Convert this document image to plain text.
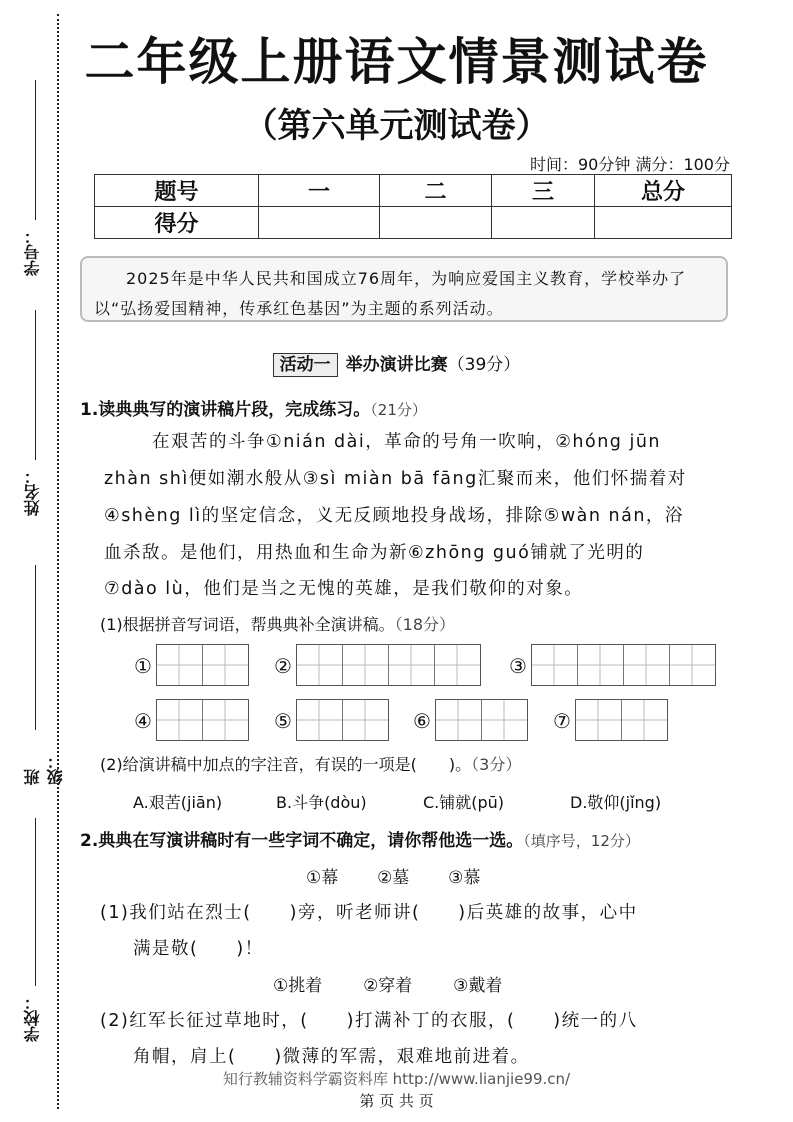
学号：
姓名：
班级：
学校：
二年级上册语文情景测试卷
（第六单元测试卷）
时间：90分钟 满分：100分
题号	一	二	三	总分
得分				
2025年是中华人民共和国成立76周年，为响应爱国主义教育，学校举办了以“弘扬爱国精神，传承红色基因”为主题的系列活动。
活动一 举办演讲比赛（39分）
1.读典典写的演讲稿片段，完成练习。（21分）
在艰苦的斗争①nián dài，革命的号角一吹响，②hóng jūn
zhàn shì便如潮水般从③sì miàn bā fāng汇聚而来，他们怀揣着对
④shèng lì的坚定信念，义无反顾地投身战场，排除⑤wàn nán，浴
血杀敌。是他们，用热血和生命为新⑥zhōng guó铺就了光明的
⑦dào lù，他们是当之无愧的英雄，是我们敬仰的对象。
(1)根据拼音写词语，帮典典补全演讲稿。（18分）
①	②	③
④	⑤	⑥	⑦
(2)给演讲稿中加点的字注音，有误的一项是(　　)。（3分）
A.艰苦(jiān)	B.斗争(dòu)	C.铺就(pū)	D.敬仰(jǐng)
2.典典在写演讲稿时有一些字词不确定，请你帮他选一选。（填序号，12分）
①幕 ②墓 ③慕
(1)我们站在烈士(　　)旁，听老师讲(　　)后英雄的故事，心中
满是敬(　　)！
①挑着 ②穿着 ③戴着
(2)红军长征过草地时，(　　)打满补丁的衣服，(　　)统一的八
角帽，肩上(　　)微薄的军需，艰难地前进着。
知行教辅资料学霸资料库 http://www.lianjie99.cn/
第 页 共 页
